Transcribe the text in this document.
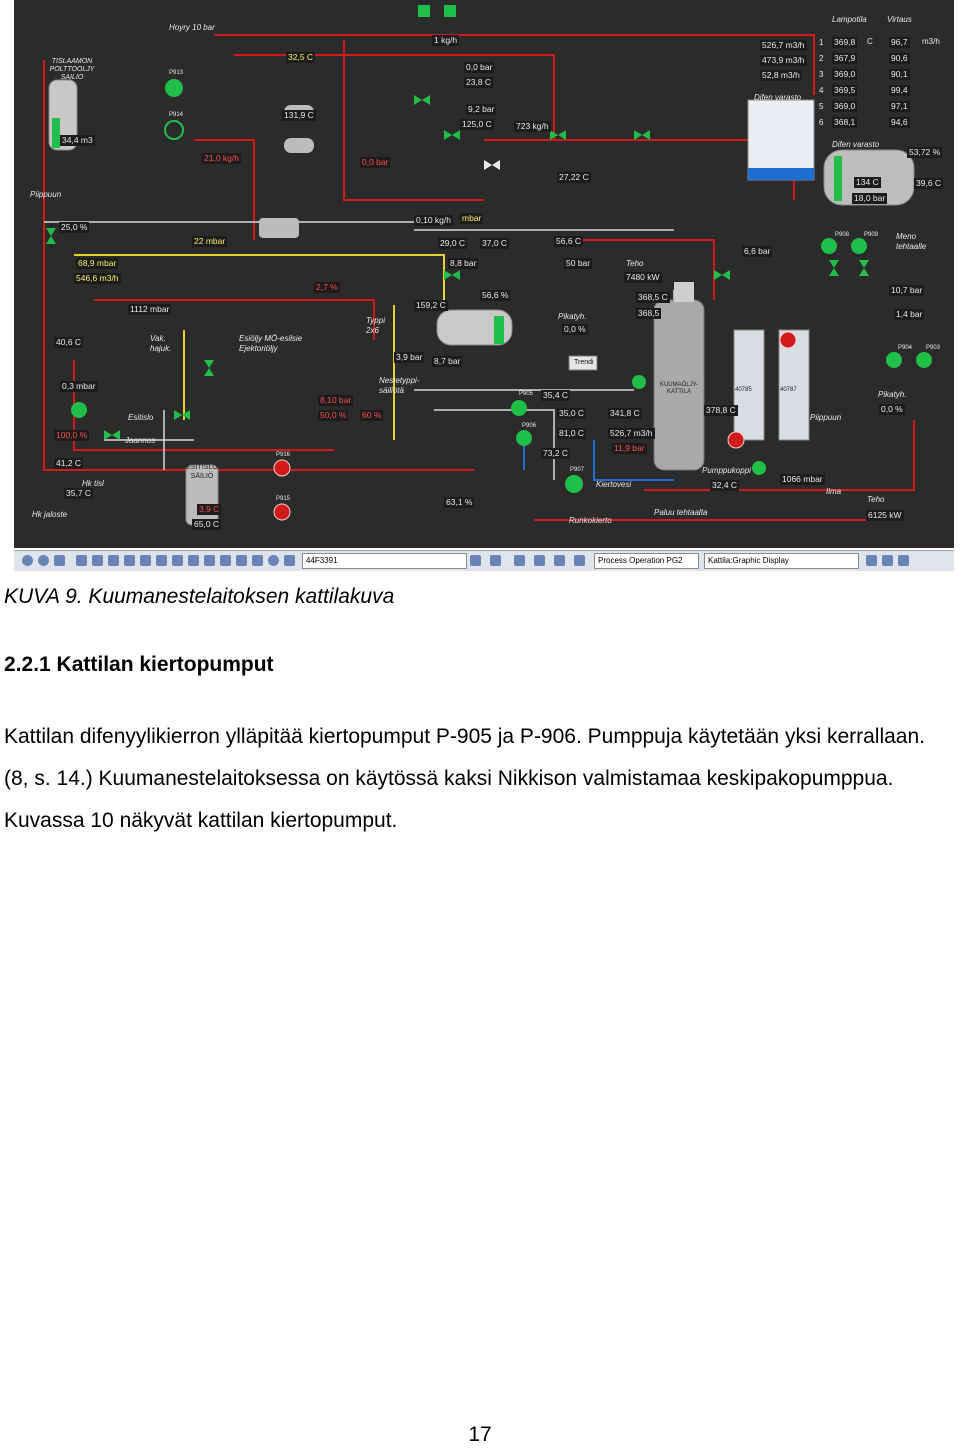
Lampotila	Virtaus
Hoyry 10 bar
1 369,8	96,7
2 367,9	90,6
3 369,0	90,1
4 369,5	99,4
5 369,0	97,1
6 368,1	94,6
C	m3/h
526,7 m3/h
473,9 m3/h
52,8 m3/h
TISLAAMON POLTTOOLJY SAILIO
Piippuun
Difen varasto
Difen varasto
Meno tehtaalle
Vak. hajuk.
Esiöljy MÖ-esilsie Ejektoriöljy
Typpi 2x6
Nestetyppi-säiliötä
Pikatyh.
Teho
Esitislo
Jaannos
Hk tisl
Hk jaloste
ESITISLO SÄILIÖ
Kiertovesi
Paluu tehtaalta
Runkokierto
Pumppukoppi
Ilma
Pikatyh.
Piippuun
Trendi
Teho
1 kg/h
0,0 bar
23,8 C
9,2 bar
125,0 C	723 kg/h
32,5 C
131,9 C
34,4 m3
21,0 kg/h	0,0 bar
27,22 C
53,72 %
134 C
18,0 bar
39,6 C
25,0 %
22 mbar
0,10 kg/h mbar
29,0 C 37,0 C	56,6 C
6,6 bar
68,9 mbar
546,6 m3/h
8,8 bar	50 bar
7480 kW
1112 mbar
2,7 %
159,2 C
56,6 %	368,5 C
368,5
10,7 bar
1,4 bar
0,0 %
40,6 C
0,3 mbar
3,9 bar 8,7 bar
35,4 C
35,0 C	341,8 C	378,8 C
8,10 bar
50,0 % 60 %
100,0 %	81,0 C	526,7 m3/h
11,9 bar
73,2 C
41,2 C
35,7 C
3,9 C
65,0 C
63,1 %
32,4 C
1066 mbar
6125 kW
0,0 %
P913
P914
P916
P915
P905
P906
P907
P908 P909
P904 P903
40785	40787
KUUMAÖLJY-KATTILA
44F3391	Process Operation PG2	Kattila:Graphic Display
KUVA 9. Kuumanestelaitoksen kattilakuva
2.2.1 Kattilan kiertopumput
Kattilan difenyylikierron ylläpitää kiertopumput P-905 ja P-906. Pumppuja käytetään yksi kerrallaan. (8, s. 14.) Kuumanestelaitoksessa on käytössä kaksi Nikkison valmistamaa keskipakopumppua. Kuvassa 10 näkyvät kattilan kiertopumput.
17
